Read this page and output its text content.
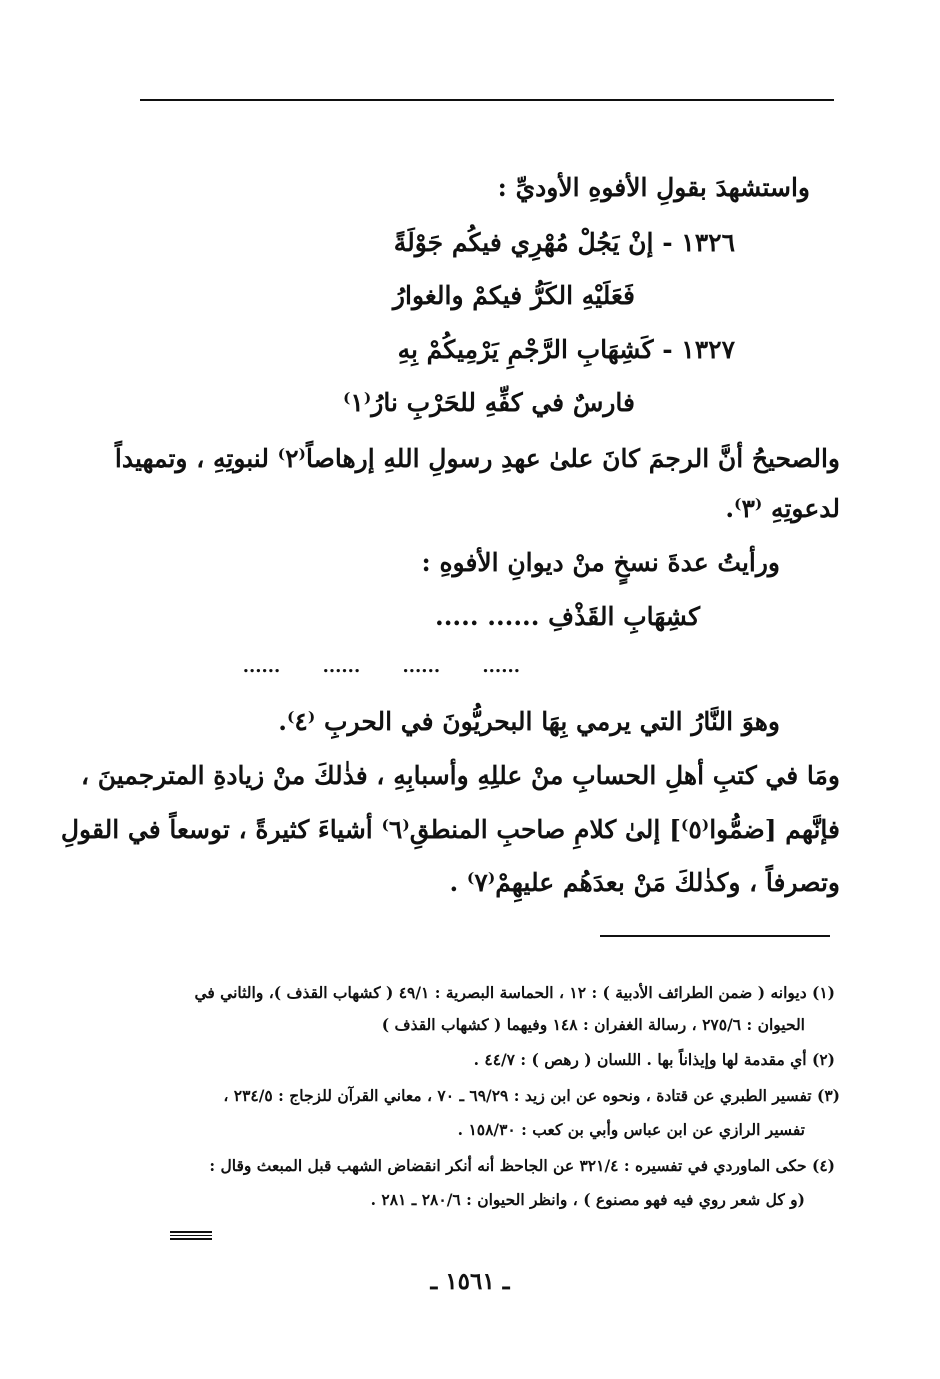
واستشهدَ بقولِ الأفوهِ الأوديِّ :
١٣٢٦ - إنْ يَجُلْ مُهْرِي فيكُم جَوْلَةً
فَعَلَيْهِ الكَرُّ فيكمْ والغوارُ
١٣٢٧ - كَشِهَابِ الرَّجْمِ يَرْمِيكُمْ بِهِ
فارسٌ في كفِّهِ للحَرْبِ نارُ⁽١⁾
والصحيحُ أنَّ الرجمَ كانَ علىٰ عهدِ رسولِ اللهِ إرهاصاً⁽٢⁾ لنبوتِهِ ، وتمهيداً
لدعوتِهِ ⁽٣⁾.
ورأيتُ عدةَ نسخٍ منْ ديوانِ الأفوهِ :
كشِهَابِ القَذْفِ ...... .....
...... ...... ...... ......
وهوَ النَّارُ التي يرمي بِهَا البحريُّونَ في الحربِ ⁽٤⁾.
ومَا في كتبِ أهلِ الحسابِ منْ عللِهِ وأسبابِهِ ، فذٰلكَ منْ زيادةِ المترجمينَ ،
فإنَّهم [ضمُّوا⁽٥⁾] إلىٰ كلامِ صاحبِ المنطقِ⁽٦⁾ أشياءَ كثيرةً ، توسعاً في القولِ
وتصرفاً ، وكذٰلكَ مَنْ بعدَهُم عليهِمْ⁽٧⁾ .
(١) ديوانه ( ضمن الطرائف الأدبية ) : ١٢ ، الحماسة البصرية : ٤٩/١ ( كشهاب القذف )، والثاني في
الحيوان : ٢٧٥/٦ ، رسالة الغفران : ١٤٨ وفيهما ( كشهاب القذف )
(٢) أي مقدمة لها وإيذاناً بها . اللسان ( رهص ) : ٤٤/٧ .
(٣) تفسير الطبري عن قتادة ، ونحوه عن ابن زيد : ٦٩/٢٩ ـ ٧٠ ، معاني القرآن للزجاج : ٢٣٤/٥ ،
تفسير الرازي عن ابن عباس وأبي بن كعب : ١٥٨/٣٠ .
(٤) حكى الماوردي في تفسيره : ٣٢١/٤ عن الجاحظ أنه أنكر انقضاض الشهب قبل المبعث وقال :
(و كل شعر روي فيه فهو مصنوع ) ، وانظر الحيوان : ٢٨٠/٦ ـ ٢٨١ .
ـ ١٥٦١ ـ
